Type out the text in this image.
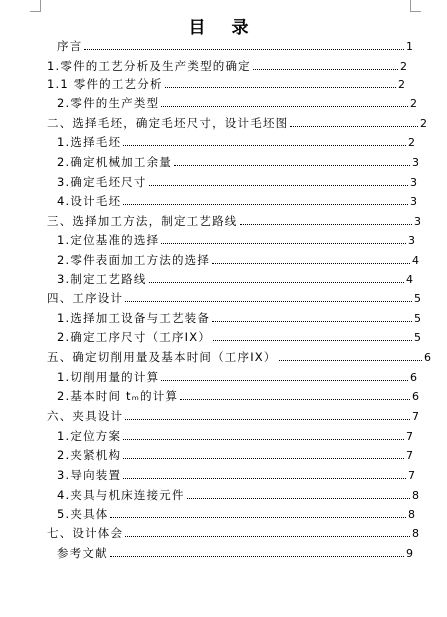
目 录
序言	1
1.零件的工艺分析及生产类型的确定	2
1.1 零件的工艺分析	2
2.零件的生产类型	2
二、选择毛坯，确定毛坯尺寸，设计毛坯图	2
1.选择毛坯	2
2.确定机械加工余量	3
3.确定毛坯尺寸	3
4.设计毛坯	3
三、选择加工方法，制定工艺路线	3
1.定位基准的选择	3
2.零件表面加工方法的选择	4
3.制定工艺路线	4
四、工序设计	5
1.选择加工设备与工艺装备	5
2.确定工序尺寸（工序IX）	5
五、确定切削用量及基本时间（工序IX）	6
1.切削用量的计算	6
2.基本时间 tₘ的计算	6
六、夹具设计	7
1.定位方案	7
2.夹紧机构	7
3.导向装置	7
4.夹具与机床连接元件	8
5.夹具体	8
七、设计体会	8
参考文献	9
